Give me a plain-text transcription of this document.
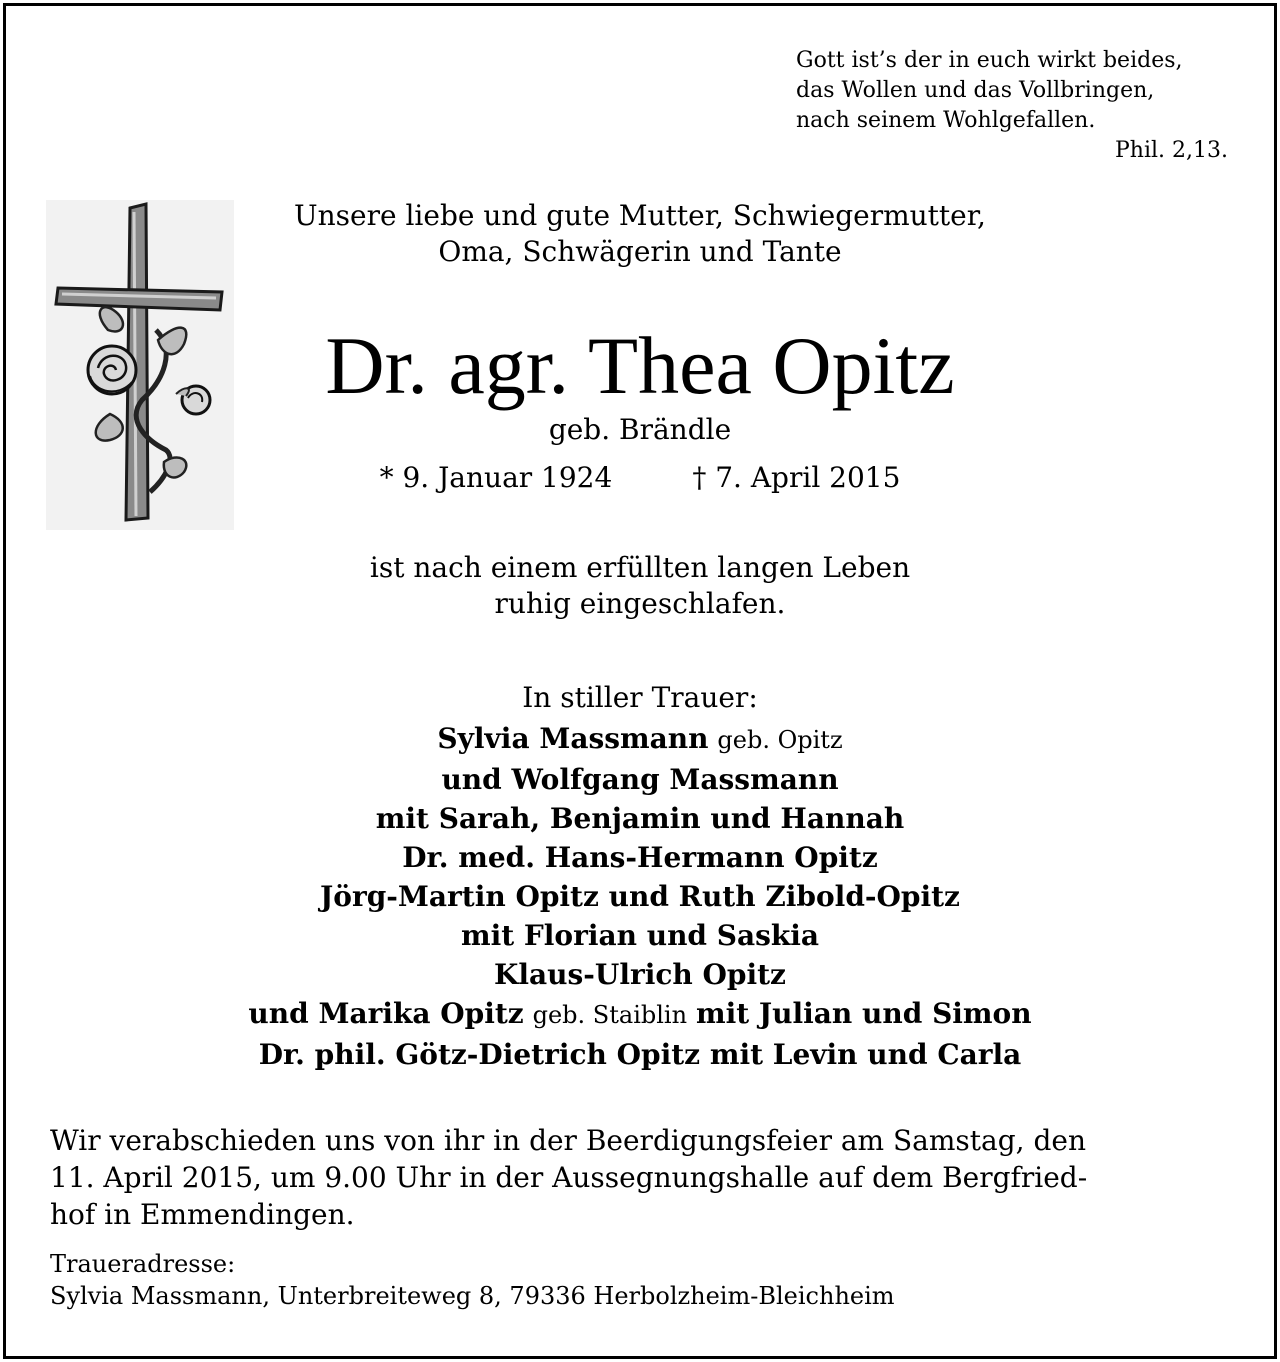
Gott ist’s der in euch wirkt beides,
das Wollen und das Vollbringen,
nach seinem Wohlgefallen.
Phil. 2,13.
Unsere liebe und gute Mutter, Schwiegermutter,
Oma, Schwägerin und Tante
Dr. agr. Thea Opitz
geb. Brändle
* 9. Januar 1924	† 7. April 2015
ist nach einem erfüllten langen Leben
ruhig eingeschlafen.
In stiller Trauer:
Sylvia Massmann geb. Opitz
und Wolfgang Massmann
mit Sarah, Benjamin und Hannah
Dr. med. Hans-Hermann Opitz
Jörg-Martin Opitz und Ruth Zibold-Opitz
mit Florian und Saskia
Klaus-Ulrich Opitz
und Marika Opitz geb. Staiblin mit Julian und Simon
Dr. phil. Götz-Dietrich Opitz mit Levin und Carla
Wir verabschieden uns von ihr in der Beerdigungsfeier am Samstag, den
11. April 2015, um 9.00 Uhr in der Aussegnungshalle auf dem Bergfried-
hof in Emmendingen.
Traueradresse:
Sylvia Massmann, Unterbreiteweg 8, 79336 Herbolzheim-Bleichheim
